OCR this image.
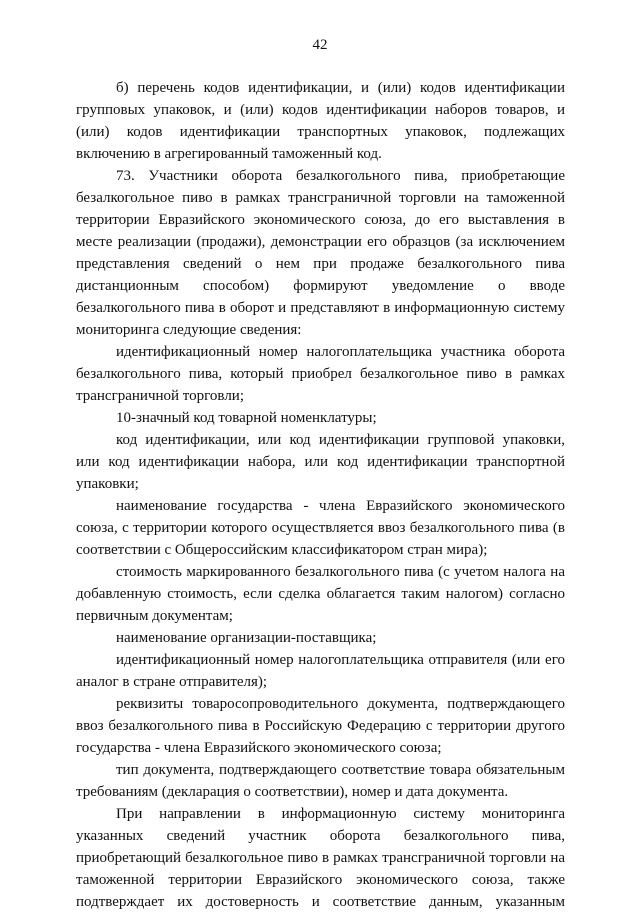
42

б) перечень кодов идентификации, и (или) кодов идентификации групповых упаковок, и (или) кодов идентификации наборов товаров, и (или) кодов идентификации транспортных упаковок, подлежащих включению в агрегированный таможенный код.

73. Участники оборота безалкогольного пива, приобретающие безалкогольное пиво в рамках трансграничной торговли на таможенной территории Евразийского экономического союза, до его выставления в месте реализации (продажи), демонстрации его образцов (за исключением представления сведений о нем при продаже безалкогольного пива дистанционным способом) формируют уведомление о вводе безалкогольного пива в оборот и представляют в информационную систему мониторинга следующие сведения:

идентификационный номер налогоплательщика участника оборота безалкогольного пива, который приобрел безалкогольное пиво в рамках трансграничной торговли;

10-значный код товарной номенклатуры;

код идентификации, или код идентификации групповой упаковки, или код идентификации набора, или код идентификации транспортной упаковки;

наименование государства - члена Евразийского экономического союза, с территории которого осуществляется ввоз безалкогольного пива (в соответствии с Общероссийским классификатором стран мира);

стоимость маркированного безалкогольного пива (с учетом налога на добавленную стоимость, если сделка облагается таким налогом) согласно первичным документам;

наименование организации-поставщика;

идентификационный номер налогоплательщика отправителя (или его аналог в стране отправителя);

реквизиты товаросопроводительного документа, подтверждающего ввоз безалкогольного пива в Российскую Федерацию с территории другого государства - члена Евразийского экономического союза;

тип документа, подтверждающего соответствие товара обязательным требованиям (декларация о соответствии), номер и дата документа.

При направлении в информационную систему мониторинга указанных сведений участник оборота безалкогольного пива, приобретающий безалкогольное пиво в рамках трансграничной торговли на таможенной территории Евразийского экономического союза, также подтверждает их достоверность и соответствие данным, указанным
